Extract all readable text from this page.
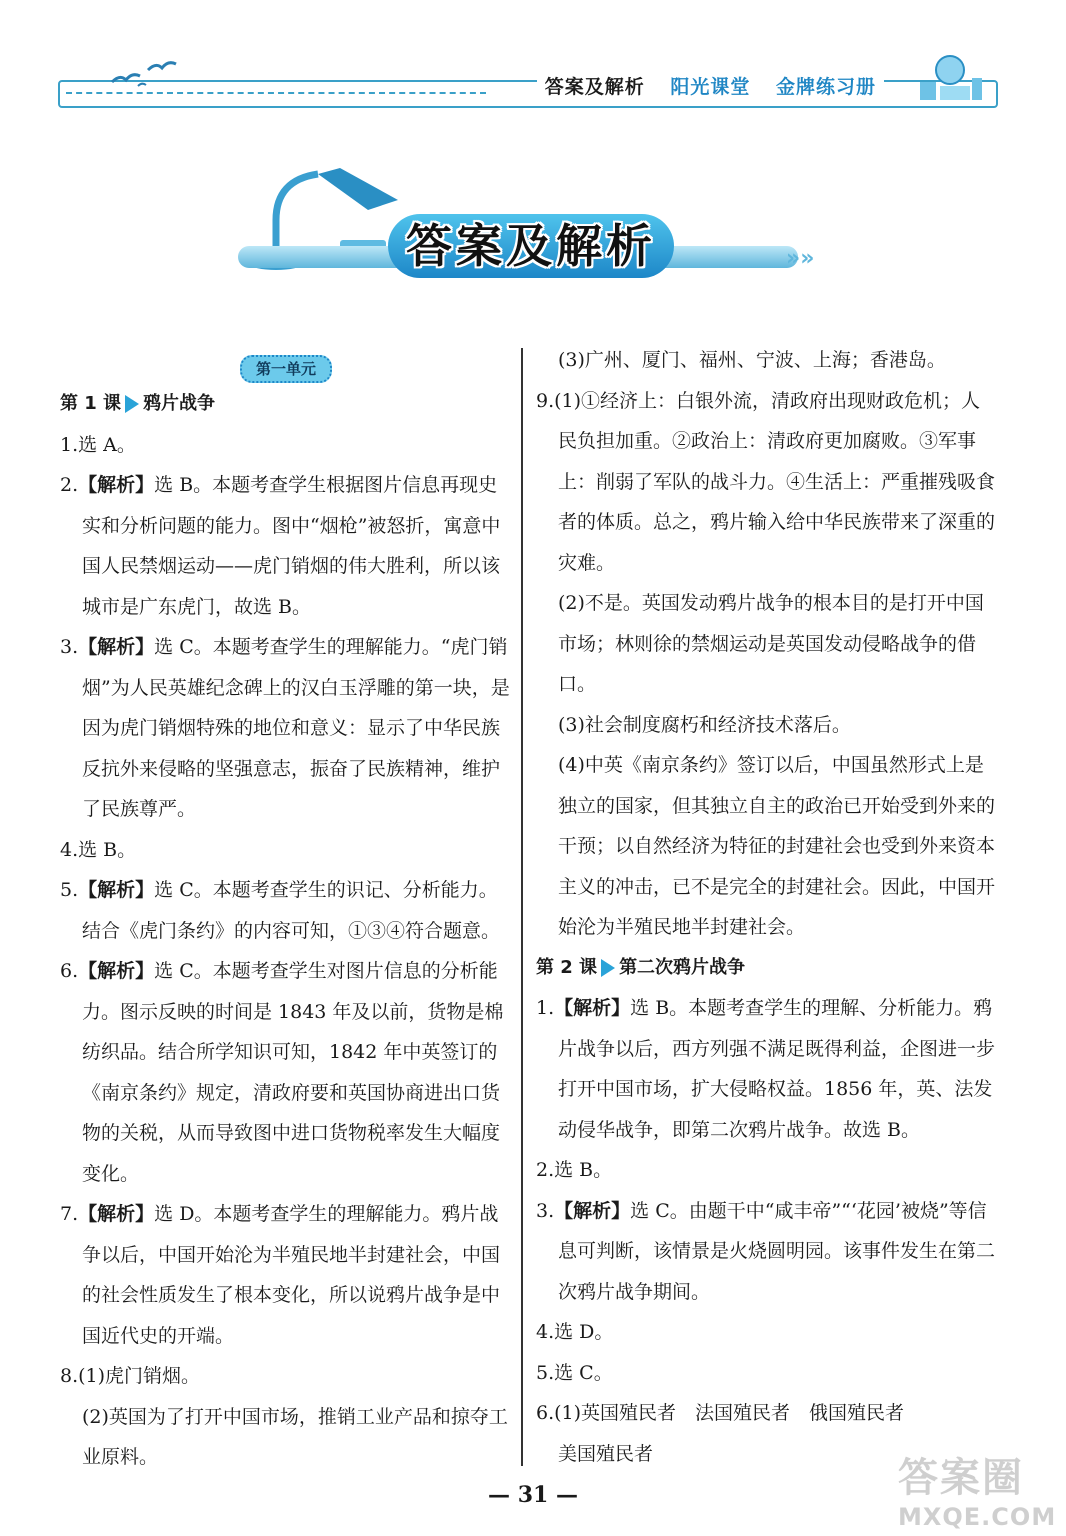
答案及解析 阳光课堂 金牌练习册
»»
答案及解析
第一单元

第 1 课 鸦片战争

1.选 A。

2.【解析】选 B。本题考查学生根据图片信息再现史实和分析问题的能力。图中“烟枪”被怒折，寓意中国人民禁烟运动——虎门销烟的伟大胜利，所以该城市是广东虎门，故选 B。

3.【解析】选 C。本题考查学生的理解能力。“虎门销烟”为人民英雄纪念碑上的汉白玉浮雕的第一块，是因为虎门销烟特殊的地位和意义：显示了中华民族反抗外来侵略的坚强意志，振奋了民族精神，维护了民族尊严。

4.选 B。

5.【解析】选 C。本题考查学生的识记、分析能力。结合《虎门条约》的内容可知，①③④符合题意。

6.【解析】选 C。本题考查学生对图片信息的分析能力。图示反映的时间是 1843 年及以前，货物是棉纺织品。结合所学知识可知，1842 年中英签订的《南京条约》规定，清政府要和英国协商进出口货物的关税，从而导致图中进口货物税率发生大幅度变化。

7.【解析】选 D。本题考查学生的理解能力。鸦片战争以后，中国开始沦为半殖民地半封建社会，中国的社会性质发生了根本变化，所以说鸦片战争是中国近代史的开端。

8.(1)虎门销烟。

(2)英国为了打开中国市场，推销工业产品和掠夺工业原料。

(3)广州、厦门、福州、宁波、上海；香港岛。

9.(1)①经济上：白银外流，清政府出现财政危机；人民负担加重。②政治上：清政府更加腐败。③军事上：削弱了军队的战斗力。④生活上：严重摧残吸食者的体质。总之，鸦片输入给中华民族带来了深重的灾难。

(2)不是。英国发动鸦片战争的根本目的是打开中国市场；林则徐的禁烟运动是英国发动侵略战争的借口。

(3)社会制度腐朽和经济技术落后。

(4)中英《南京条约》签订以后，中国虽然形式上是独立的国家，但其独立自主的政治已开始受到外来的干预；以自然经济为特征的封建社会也受到外来资本主义的冲击，已不是完全的封建社会。因此，中国开始沦为半殖民地半封建社会。

第 2 课 第二次鸦片战争

1.【解析】选 B。本题考查学生的理解、分析能力。鸦片战争以后，西方列强不满足既得利益，企图进一步打开中国市场，扩大侵略权益。1856 年，英、法发动侵华战争，即第二次鸦片战争。故选 B。

2.选 B。

3.【解析】选 C。由题干中“咸丰帝”“‘花园’被烧”等信息可判断，该情景是火烧圆明园。该事件发生在第二次鸦片战争期间。

4.选 D。

5.选 C。

6.(1)英国殖民者　法国殖民者　俄国殖民者

美国殖民者

— 31 —	答案圈
MXQE.COM
